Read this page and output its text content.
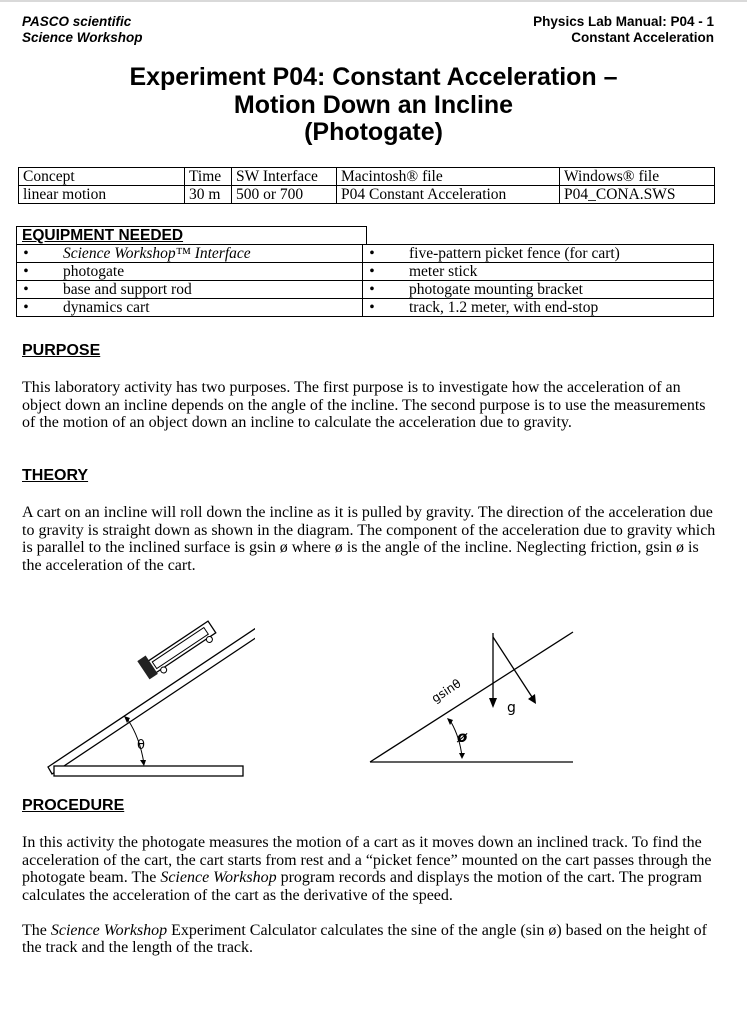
PASCO scientific
Science Workshop
Physics Lab Manual: P04 - 1
Constant Acceleration
Experiment P04: Constant Acceleration –
Motion Down an Incline
(Photogate)
Concept	Time	SW Interface	Macintosh® file	Windows® file
linear motion	30 m	500 or 700	P04 Constant Acceleration	P04_CONA.SWS
EQUIPMENT NEEDED
•	Science Workshop™ Interface	•	five-pattern picket fence (for cart)
•	photogate	•	meter stick
•	base and support rod	•	photogate mounting bracket
•	dynamics cart	•	track, 1.2 meter, with end-stop
PURPOSE
This laboratory activity has two purposes. The first purpose is to investigate how the acceleration of an object down an incline depends on the angle of the incline. The second purpose is to use the measurements of the motion of an object down an incline to calculate the acceleration due to gravity.
THEORY
A cart on an incline will roll down the incline as it is pulled by gravity. The direction of the acceleration due to gravity is straight down as shown in the diagram. The component of the acceleration due to gravity which is parallel to the inclined surface is gsin ø where ø is the angle of the incline. Neglecting friction, gsin ø is the acceleration of the cart.
θ
gsinθ
g
ø
PROCEDURE

In this activity the photogate measures the motion of a cart as it moves down an inclined track. To find the acceleration of the cart, the cart starts from rest and a “picket fence” mounted on the cart passes through the photogate beam. The Science Workshop program records and displays the motion of the cart. The program calculates the acceleration of the cart as the derivative of the speed.

The Science Workshop Experiment Calculator calculates the sine of the angle (sin ø) based on the height of the track and the length of the track.
